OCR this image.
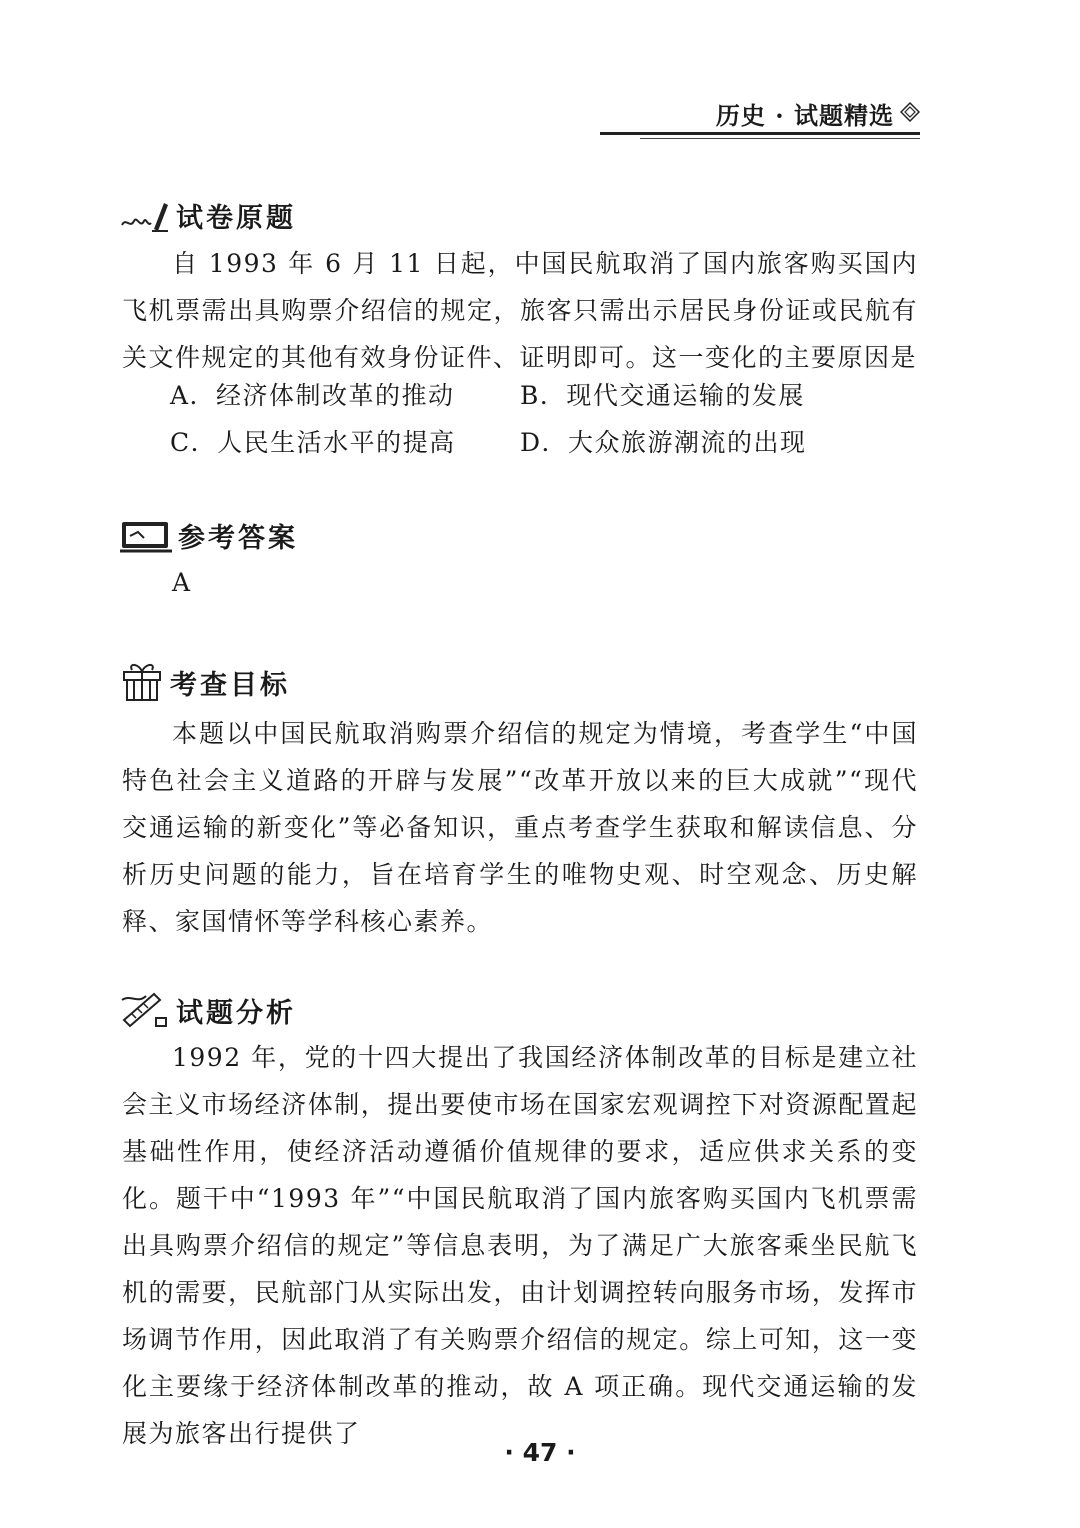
历史 · 试题精选
试卷原题

自 1993 年 6 月 11 日起，中国民航取消了国内旅客购买国内飞机票需出具购票介绍信的规定，旅客只需出示居民身份证或民航有关文件规定的其他有效身份证件、证明即可。这一变化的主要原因是

A．经济体制改革的推动	B．现代交通运输的发展
C．人民生活水平的提高	D．大众旅游潮流的出现
参考答案
A
考查目标

本题以中国民航取消购票介绍信的规定为情境，考查学生“中国特色社会主义道路的开辟与发展”“改革开放以来的巨大成就”“现代交通运输的新变化”等必备知识，重点考查学生获取和解读信息、分析历史问题的能力，旨在培育学生的唯物史观、时空观念、历史解释、家国情怀等学科核心素养。

试题分析

1992 年，党的十四大提出了我国经济体制改革的目标是建立社会主义市场经济体制，提出要使市场在国家宏观调控下对资源配置起基础性作用，使经济活动遵循价值规律的要求，适应供求关系的变化。题干中“1993 年”“中国民航取消了国内旅客购买国内飞机票需出具购票介绍信的规定”等信息表明，为了满足广大旅客乘坐民航飞机的需要，民航部门从实际出发，由计划调控转向服务市场，发挥市场调节作用，因此取消了有关购票介绍信的规定。综上可知，这一变化主要缘于经济体制改革的推动，故 A 项正确。现代交通运输的发展为旅客出行提供了

· 47 ·
